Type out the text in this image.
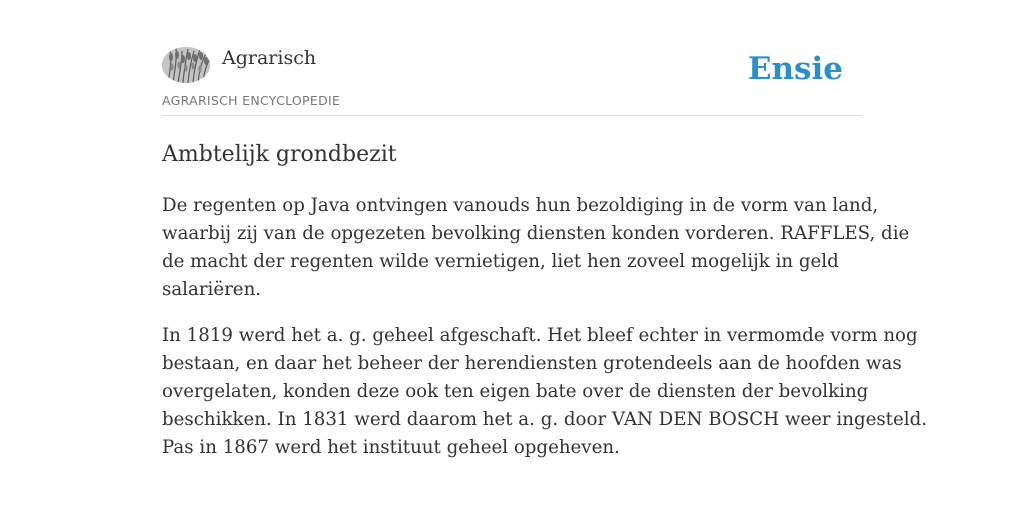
Agrarisch
AGRARISCH ENCYCLOPEDIE
Ensie
Ambtelijk grondbezit

De regenten op Java ontvingen vanouds hun bezoldiging in de vorm van land,
waarbij zij van de opgezeten bevolking diensten konden vorderen. RAFFLES, die
de macht der regenten wilde vernietigen, liet hen zoveel mogelijk in geld
salariëren.

In 1819 werd het a. g. geheel afgeschaft. Het bleef echter in vermomde vorm nog
bestaan, en daar het beheer der herendiensten grotendeels aan de hoofden was
overgelaten, konden deze ook ten eigen bate over de diensten der bevolking
beschikken. In 1831 werd daarom het a. g. door VAN DEN BOSCH weer ingesteld.
Pas in 1867 werd het instituut geheel opgeheven.
